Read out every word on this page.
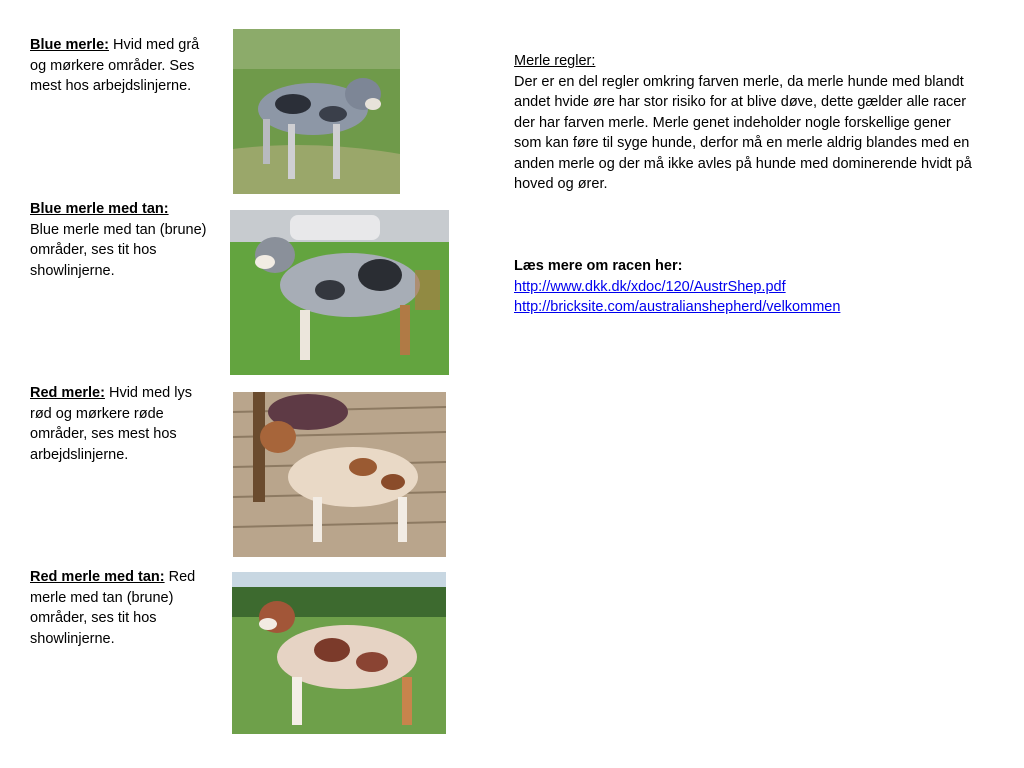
Blue merle: Hvid med grå og mørkere områder. Ses mest hos arbejdslinjerne.
Blue merle med tan:
Blue merle med tan (brune) områder, ses tit hos showlinjerne.
Red merle: Hvid med lys rød og mørkere røde områder, ses mest hos arbejdslinjerne.
Red merle med tan: Red merle med tan (brune) områder, ses tit hos showlinjerne.
Merle regler:
Der er en del regler omkring farven merle, da merle hunde med blandt andet hvide øre har stor risiko for at blive døve, dette gælder alle racer der har farven merle. Merle genet indeholder nogle forskellige gener som kan føre til syge hunde, derfor må en merle aldrig blandes med en anden merle og der må ikke avles på hunde med dominerende hvidt på hoved og ører.
Læs mere om racen her:
http://www.dkk.dk/xdoc/120/AustrShep.pdf
http://bricksite.com/australianshepherd/velkommen
